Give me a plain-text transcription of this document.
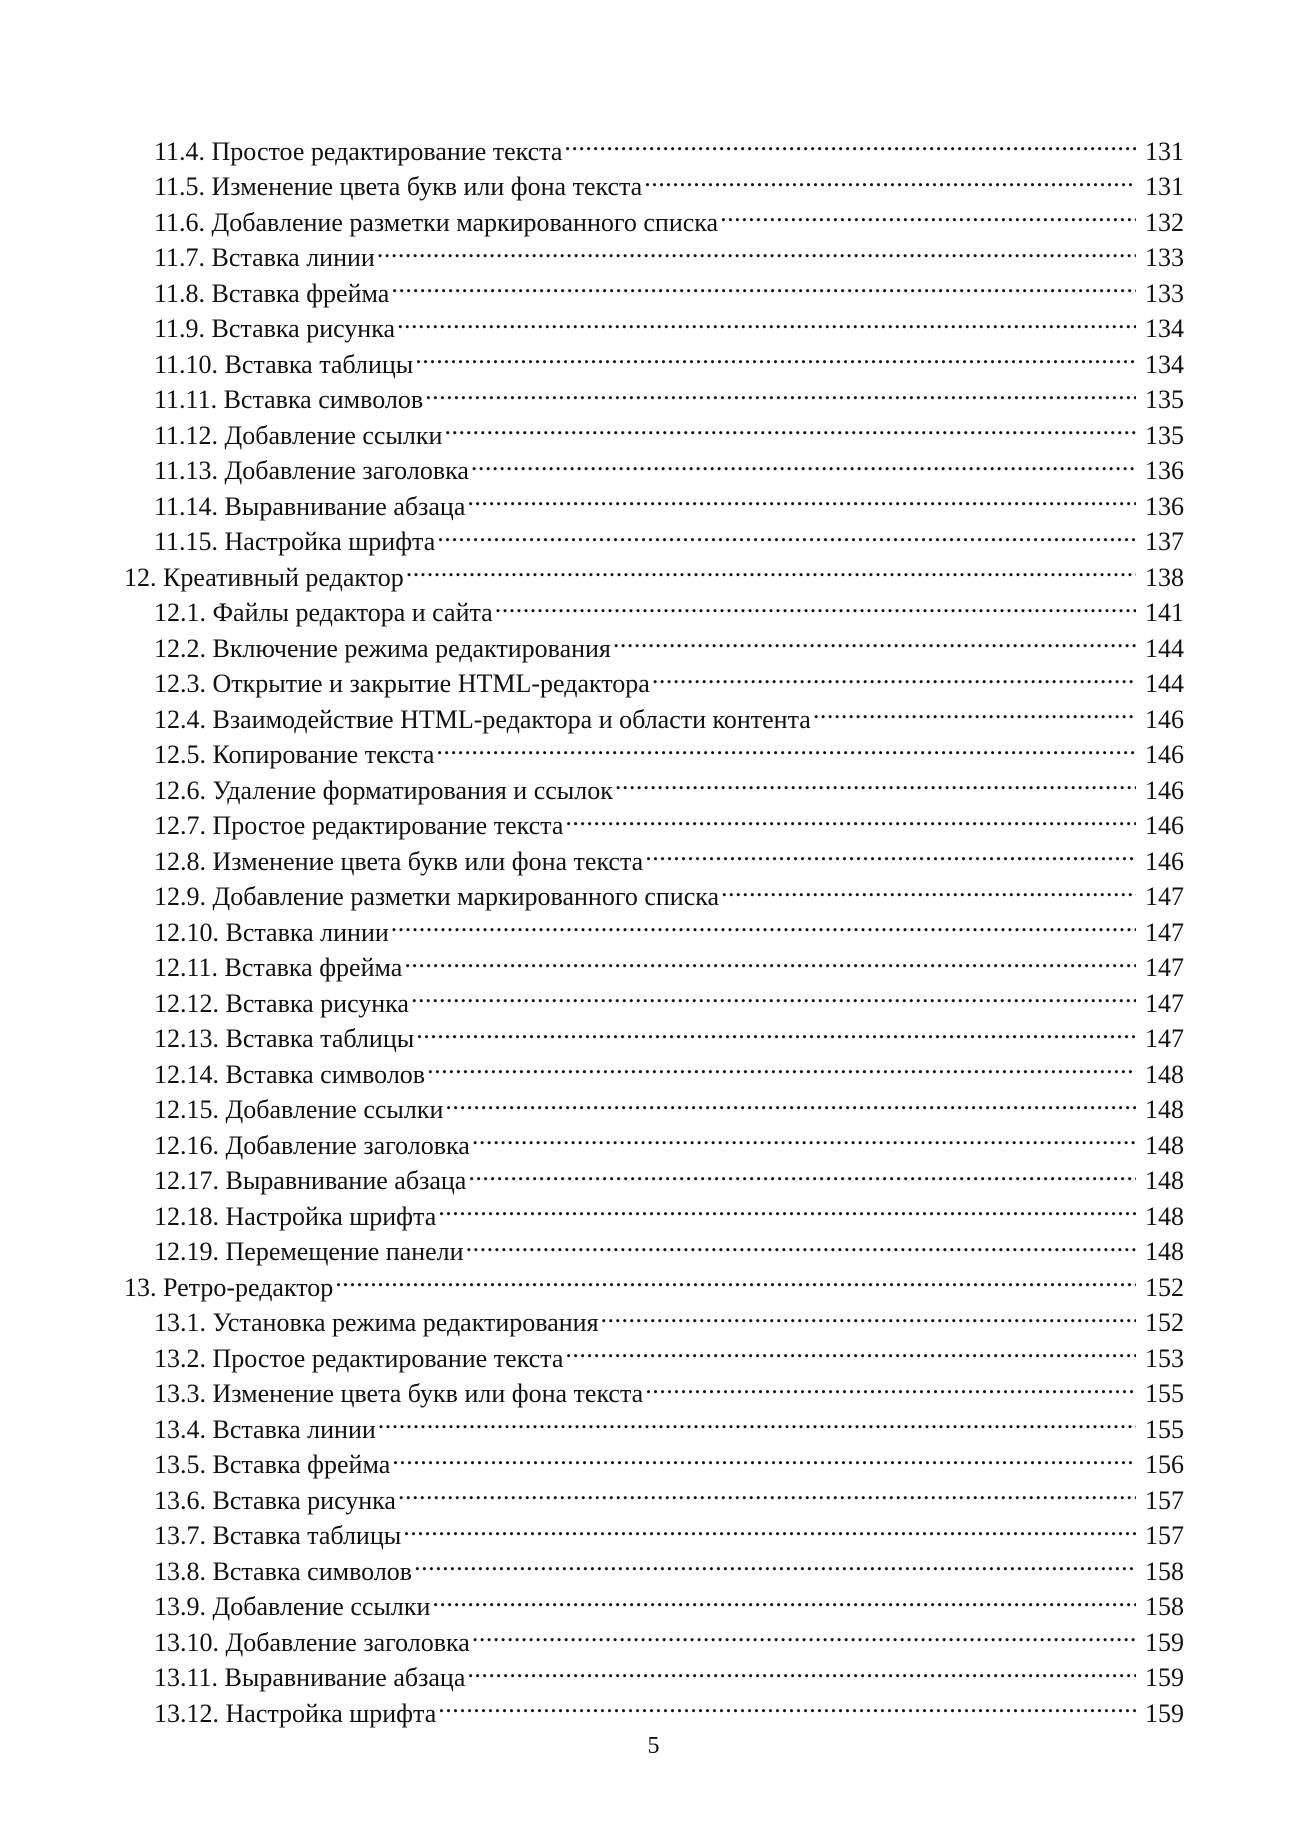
11.4. Простое редактирование текста .....	131
11.5. Изменение цвета букв или фона текста .....	131
11.6. Добавление разметки маркированного списка .....	132
11.7. Вставка линии .....	133
11.8. Вставка фрейма .....	133
11.9. Вставка рисунка .....	134
11.10. Вставка таблицы .....	134
11.11. Вставка символов .....	135
11.12. Добавление ссылки .....	135
11.13. Добавление заголовка .....	136
11.14. Выравнивание абзаца .....	136
11.15. Настройка шрифта .....	137
12. Креативный редактор .....	138
12.1. Файлы редактора и сайта .....	141
12.2. Включение режима редактирования .....	144
12.3. Открытие и закрытие HTML-редактора .....	144
12.4. Взаимодействие HTML-редактора и области контента .....	146
12.5. Копирование текста .....	146
12.6. Удаление форматирования и ссылок .....	146
12.7. Простое редактирование текста .....	146
12.8. Изменение цвета букв или фона текста .....	146
12.9. Добавление разметки маркированного списка .....	147
12.10. Вставка линии .....	147
12.11. Вставка фрейма .....	147
12.12. Вставка рисунка .....	147
12.13. Вставка таблицы .....	147
12.14. Вставка символов .....	148
12.15. Добавление ссылки .....	148
12.16. Добавление заголовка .....	148
12.17. Выравнивание абзаца .....	148
12.18. Настройка шрифта .....	148
12.19. Перемещение панели .....	148
13. Ретро-редактор .....	152
13.1. Установка режима редактирования .....	152
13.2. Простое редактирование текста .....	153
13.3. Изменение цвета букв или фона текста .....	155
13.4. Вставка линии .....	155
13.5. Вставка фрейма .....	156
13.6. Вставка рисунка .....	157
13.7. Вставка таблицы .....	157
13.8. Вставка символов .....	158
13.9. Добавление ссылки .....	158
13.10. Добавление заголовка .....	159
13.11. Выравнивание абзаца .....	159
13.12. Настройка шрифта .....	159
5
